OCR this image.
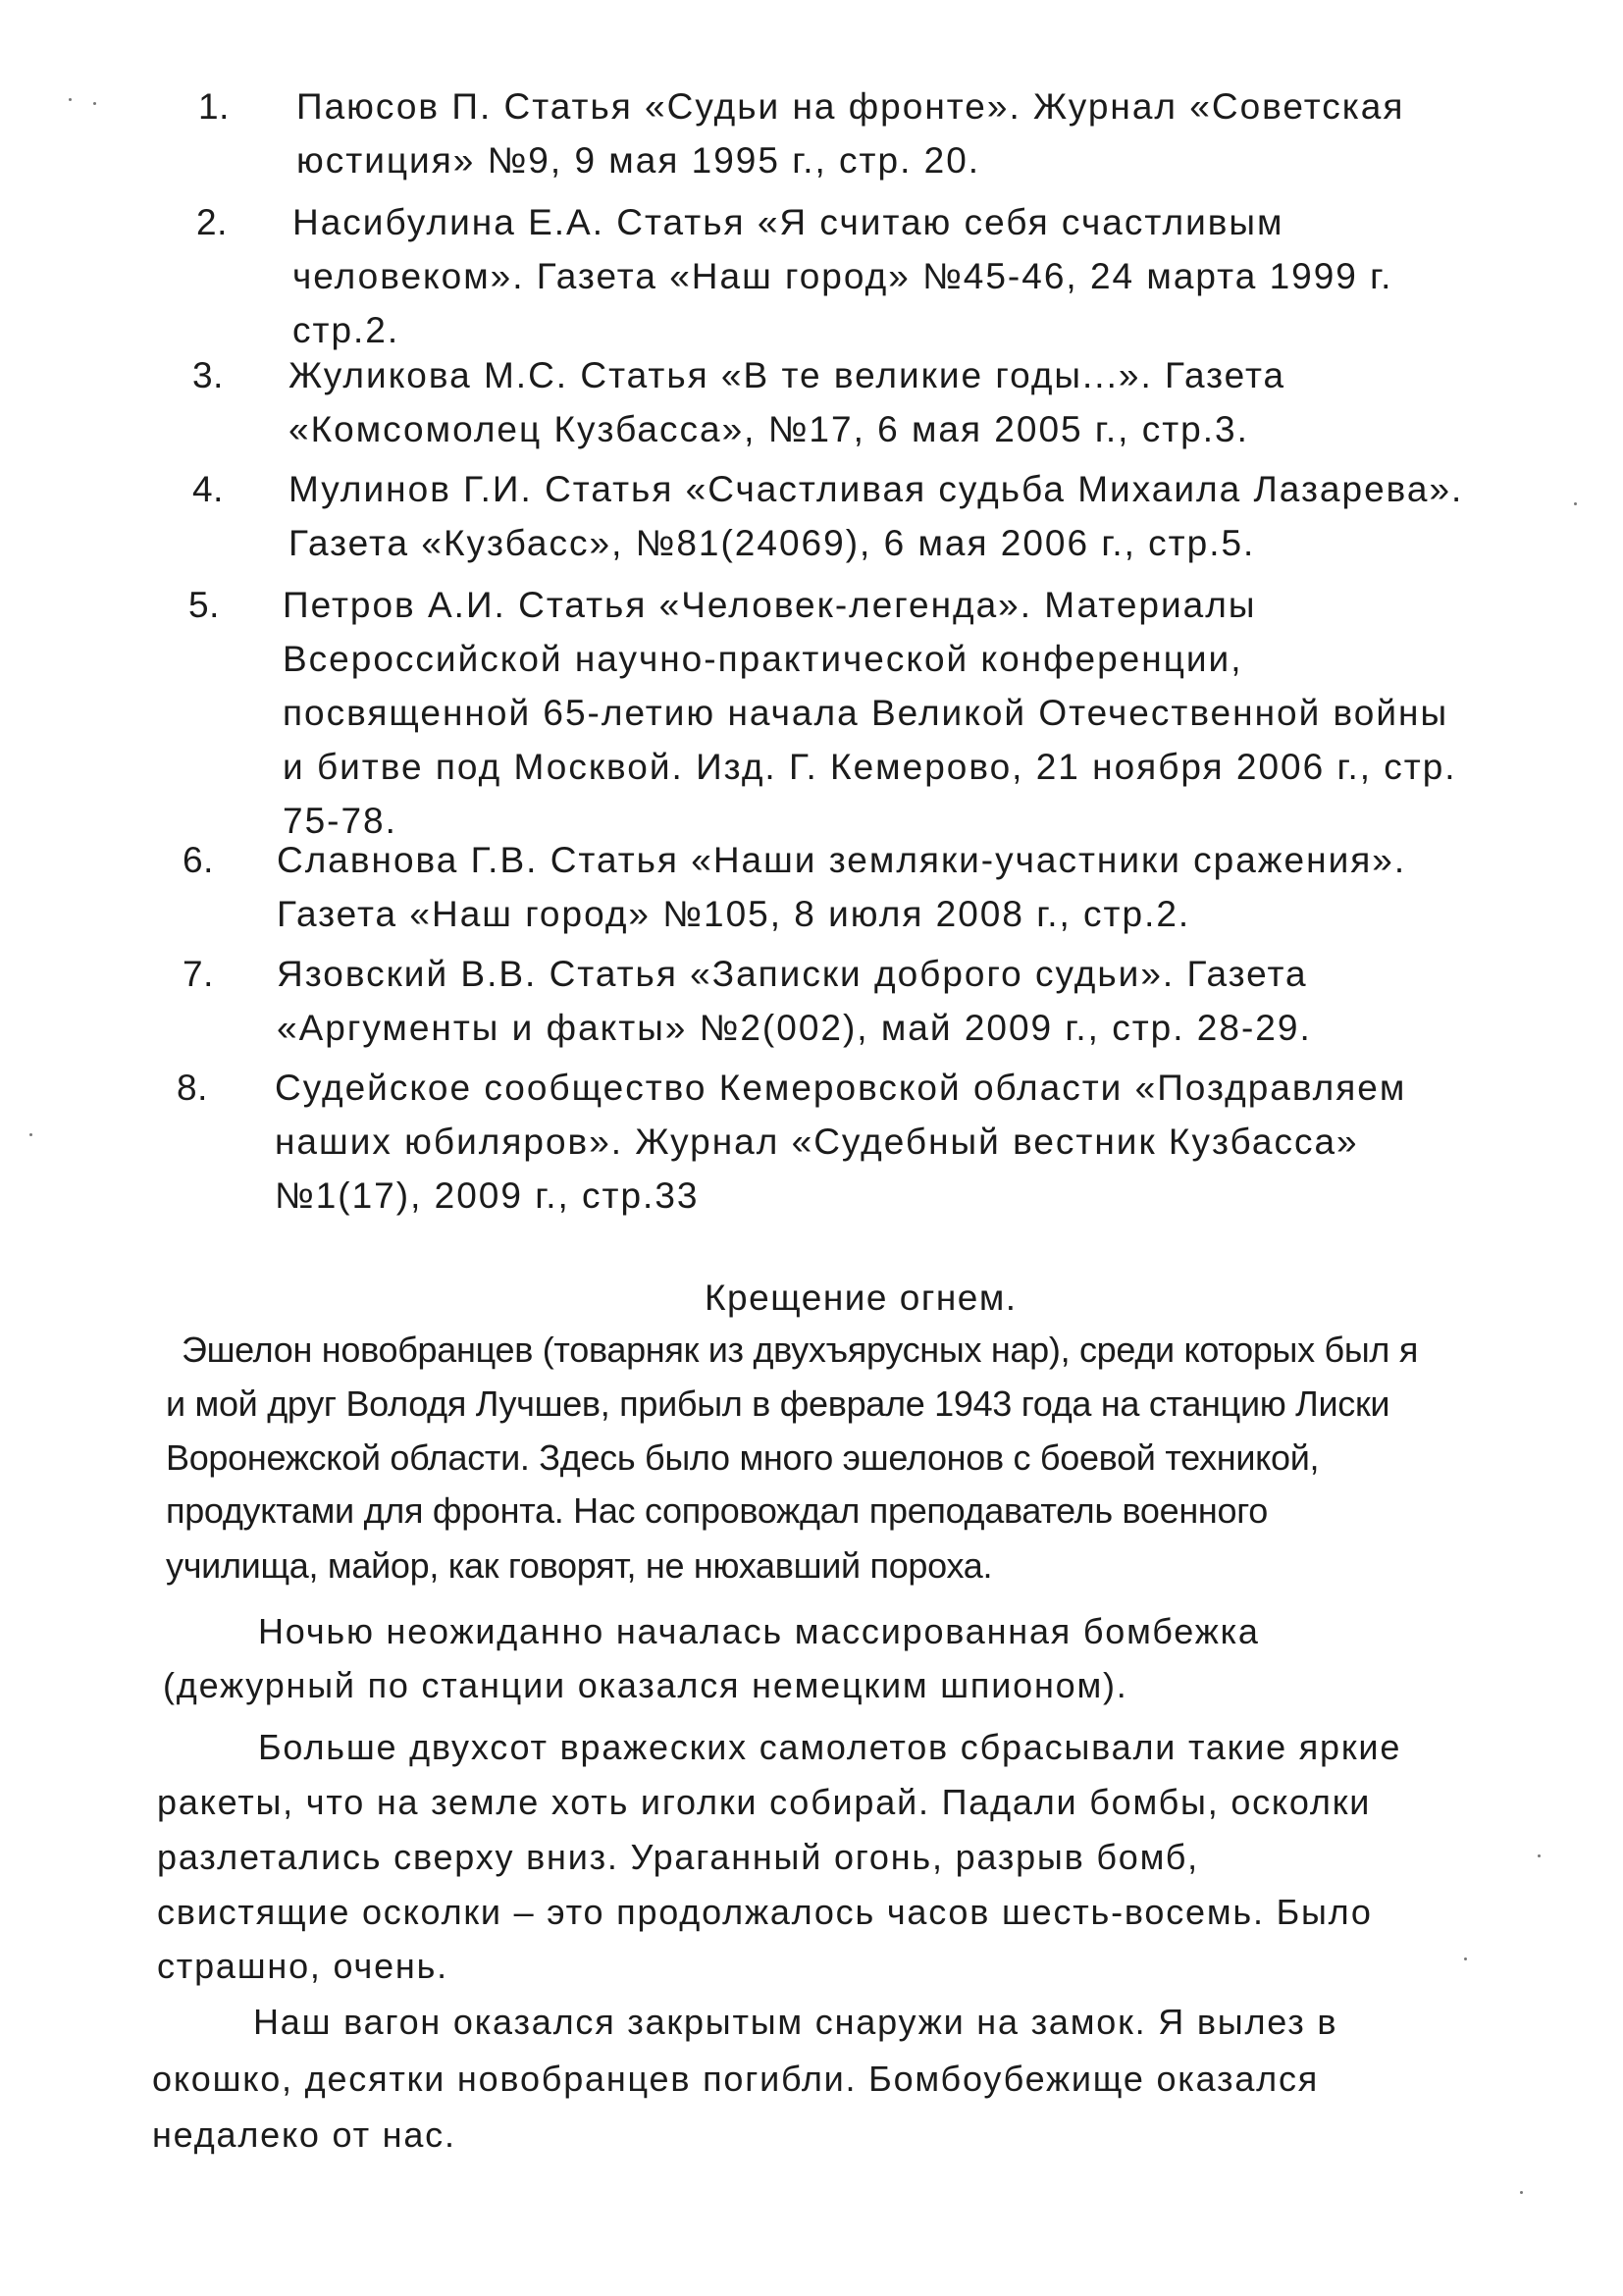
1. Паюсов П. Статья «Судьи на фронте». Журнал «Советская
юстиция» №9, 9 мая 1995 г., стр. 20.
2. Насибулина Е.А. Статья «Я считаю себя счастливым
человеком». Газета «Наш город» №45-46, 24 марта 1999 г.
стр.2.
3. Жуликова М.С. Статья «В те великие годы...». Газета
«Комсомолец Кузбасса», №17, 6 мая 2005 г., стр.3.
4. Мулинов Г.И. Статья «Счастливая судьба Михаила Лазарева».
Газета «Кузбасс», №81(24069), 6 мая 2006 г., стр.5.
5. Петров А.И. Статья «Человек-легенда». Материалы
Всероссийской научно-практической конференции,
посвященной 65-летию начала Великой Отечественной войны
и битве под Москвой. Изд. Г. Кемерово, 21 ноября 2006 г., стр.
75-78.
6. Славнова Г.В. Статья «Наши земляки-участники сражения».
Газета «Наш город» №105, 8 июля 2008 г., стр.2.
7. Язовский В.В. Статья «Записки доброго судьи». Газета
«Аргументы и факты» №2(002), май 2009 г., стр. 28-29.
8. Судейское сообщество Кемеровской области «Поздравляем
наших юбиляров». Журнал «Судебный вестник Кузбасса»
№1(17), 2009 г., стр.33
Крещение огнем.
Эшелон новобранцев (товарняк из двухъярусных нар), среди которых был я
и мой друг Володя Лучшев, прибыл в феврале 1943 года на станцию Лиски
Воронежской области. Здесь было много эшелонов с боевой техникой,
продуктами для фронта. Нас сопровождал преподаватель военного
училища, майор, как говорят, не нюхавший пороха.
Ночью неожиданно началась массированная бомбежка
(дежурный по станции оказался немецким шпионом).
Больше двухсот вражеских самолетов сбрасывали такие яркие
ракеты, что на земле хоть иголки собирай. Падали бомбы, осколки
разлетались сверху вниз. Ураганный огонь, разрыв бомб,
свистящие осколки – это продолжалось часов шесть-восемь. Было
страшно, очень.
Наш вагон оказался закрытым снаружи на замок. Я вылез в
окошко, десятки новобранцев погибли. Бомбоубежище оказался
недалеко от нас.
